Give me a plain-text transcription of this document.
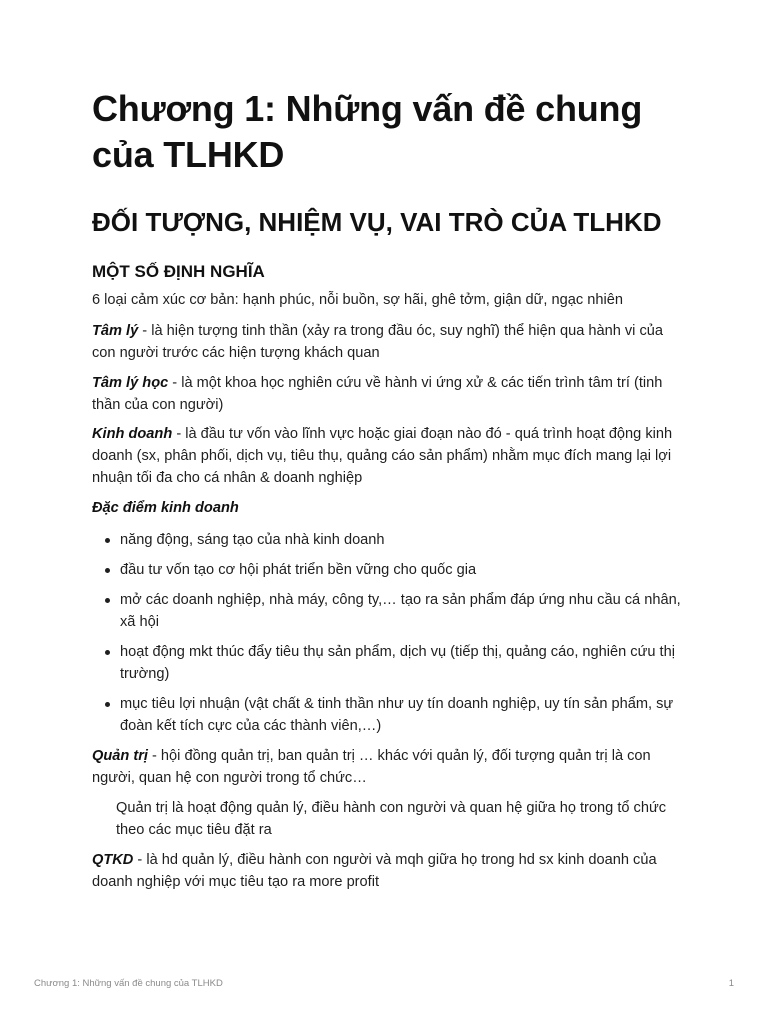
Chương 1: Những vấn đề chung của TLHKD
ĐỐI TƯỢNG, NHIỆM VỤ, VAI TRÒ CỦA TLHKD
MỘT SỐ ĐỊNH NGHĨA

6 loại cảm xúc cơ bản: hạnh phúc, nỗi buồn, sợ hãi, ghê tởm, giận dữ, ngạc nhiên

Tâm lý - là hiện tượng tinh thần (xảy ra trong đầu óc, suy nghĩ) thể hiện qua hành vi của con người trước các hiện tượng khách quan

Tâm lý học - là một khoa học nghiên cứu về hành vi ứng xử & các tiến trình tâm trí (tinh thần của con người)

Kinh doanh - là đầu tư vốn vào lĩnh vực hoặc giai đoạn nào đó - quá trình hoạt động kinh doanh (sx, phân phối, dịch vụ, tiêu thụ, quảng cáo sản phẩm) nhằm mục đích mang lại lợi nhuận tối đa cho cá nhân & doanh nghiệp

Đặc điểm kinh doanh

năng động, sáng tạo của nhà kinh doanh
đầu tư vốn tạo cơ hội phát triển bền vững cho quốc gia
mở các doanh nghiệp, nhà máy, công ty,… tạo ra sản phẩm đáp ứng nhu cầu cá nhân, xã hội
hoạt động mkt thúc đẩy tiêu thụ sản phẩm, dịch vụ (tiếp thị, quảng cáo, nghiên cứu thị trường)
mục tiêu lợi nhuận (vật chất & tinh thần như uy tín doanh nghiệp, uy tín sản phẩm, sự đoàn kết tích cực của các thành viên,…)

Quản trị - hội đồng quản trị, ban quản trị … khác với quản lý, đối tượng quản trị là con người, quan hệ con người trong tổ chức…

Quản trị là hoạt động quản lý, điều hành con người và quan hệ giữa họ trong tổ chức theo các mục tiêu đặt ra

QTKD - là hd quản lý, điều hành con người và mqh giữa họ trong hd sx kinh doanh của doanh nghiệp với mục tiêu tạo ra more profit

Chương 1: Những vấn đề chung của TLHKD	1
